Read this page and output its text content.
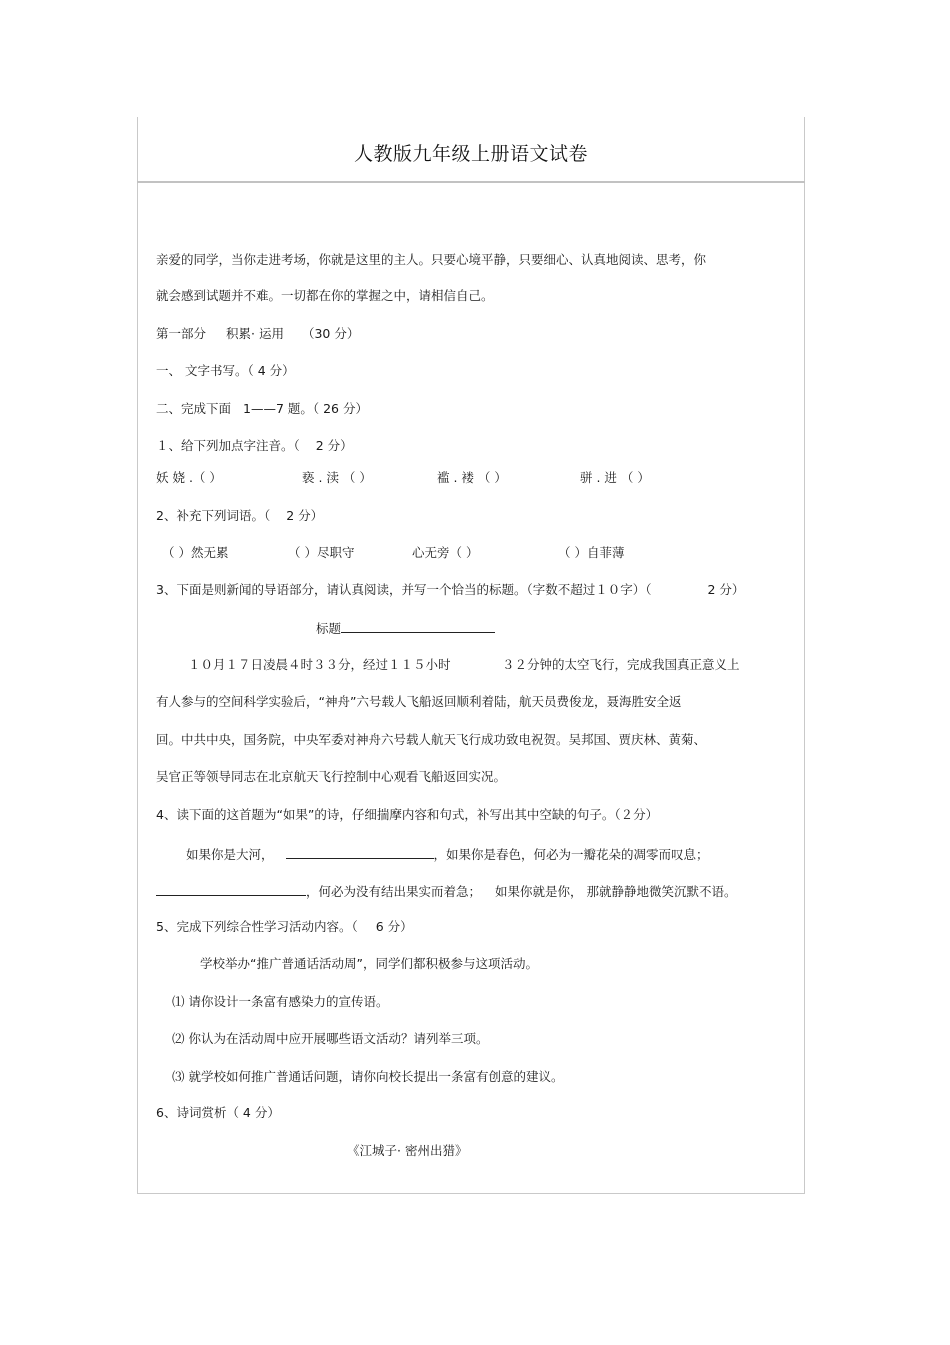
人教版九年级上册语文试卷
亲爱的同学，当你走进考场，你就是这里的主人。只要心境平静，只要细心、认真地阅读、思考，你
就会感到试题并不难。一切都在你的掌握之中，请相信自己。
第一部分 积累· 运用 （30 分）
一、 文字书写。（ 4 分）
二、完成下面 1——7 题。（ 26 分）
１、给下列加点字注音。（ 2 分）
妖 娆 .（ ）	亵 . 渎 （ ）	褴 . 褛 （ ）	骈 . 进 （ ）
2、补充下列词语。（ 2 分）
（ ）然无累	（ ）尽职守	心无旁（ ）	（ ）自菲薄
3、下面是则新闻的导语部分，请认真阅读，并写一个恰当的标题。（字数不超过１０字）（	2 分）
标题
１０月１７日凌晨４时３３分，经过１１５小时	３２分钟的太空飞行，完成我国真正意义上
有人参与的空间科学实验后，“神舟”六号载人飞船返回顺利着陆，航天员费俊龙，聂海胜安全返
回。中共中央，国务院，中央军委对神舟六号载人航天飞行成功致电祝贺。吴邦国、贾庆林、黄菊、
吴官正等领导同志在北京航天飞行控制中心观看飞船返回实况。
4、读下面的这首题为“如果”的诗，仔细揣摩内容和句式，补写出其中空缺的句子。（２分）
如果你是大河，	，如果你是春色，何必为一瓣花朵的凋零而叹息；
，何必为没有结出果实而着急； 如果你就是你， 那就静静地微笑沉默不语。
5、完成下列综合性学习活动内容。（ 6 分）
学校举办“推广普通话活动周”，同学们都积极参与这项活动。
⑴ 请你设计一条富有感染力的宣传语。
⑵ 你认为在活动周中应开展哪些语文活动？请列举三项。
⑶ 就学校如何推广普通话问题，请你向校长提出一条富有创意的建议。
6、诗词赏析（ 4 分）
《江城子· 密州出猎》
